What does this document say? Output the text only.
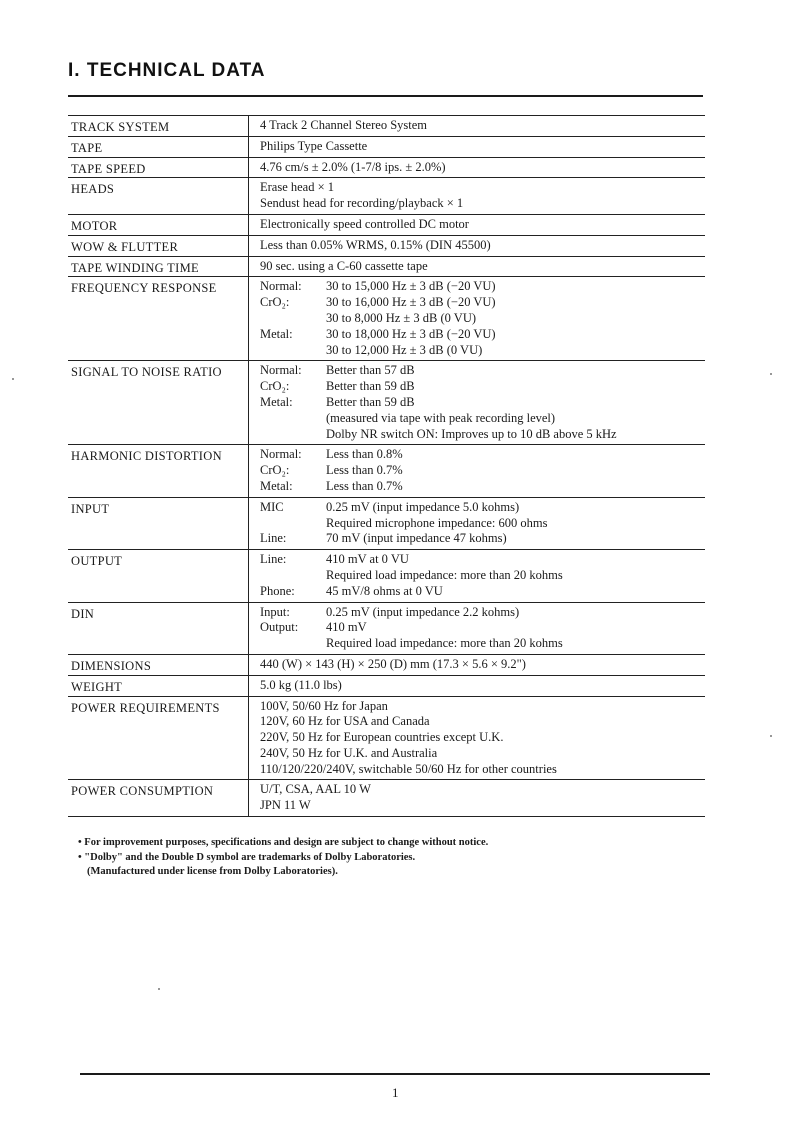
I. TECHNICAL DATA
TRACK SYSTEM	4 Track 2 Channel Stereo System
TAPE	Philips Type Cassette
TAPE SPEED	4.76 cm/s ± 2.0% (1-7/8 ips. ± 2.0%)
HEADS	Erase head × 1
Sendust head for recording/playback × 1
MOTOR	Electronically speed controlled DC motor
WOW & FLUTTER	Less than 0.05% WRMS, 0.15% (DIN 45500)
TAPE WINDING TIME	90 sec. using a C-60 cassette tape
FREQUENCY RESPONSE	Normal:	30 to 15,000 Hz ± 3 dB (−20 VU)
CrO₂:	30 to 16,000 Hz ± 3 dB (−20 VU)
30 to 8,000 Hz ± 3 dB (0 VU)
Metal:	30 to 18,000 Hz ± 3 dB (−20 VU)
30 to 12,000 Hz ± 3 dB (0 VU)
SIGNAL TO NOISE RATIO	Normal:	Better than 57 dB
CrO₂:	Better than 59 dB
Metal:	Better than 59 dB
(measured via tape with peak recording level)
Dolby NR switch ON: Improves up to 10 dB above 5 kHz
HARMONIC DISTORTION	Normal:	Less than 0.8%
CrO₂:	Less than 0.7%
Metal:	Less than 0.7%
INPUT	MIC	0.25 mV (input impedance 5.0 kohms)
Required microphone impedance: 600 ohms
Line:	70 mV (input impedance 47 kohms)
OUTPUT	Line:	410 mV at 0 VU
Required load impedance: more than 20 kohms
Phone:	45 mV/8 ohms at 0 VU
DIN	Input:	0.25 mV (input impedance 2.2 kohms)
Output:	410 mV
Required load impedance: more than 20 kohms
DIMENSIONS	440 (W) × 143 (H) × 250 (D) mm (17.3 × 5.6 × 9.2")
WEIGHT	5.0 kg (11.0 lbs)
POWER REQUIREMENTS	100V, 50/60 Hz for Japan
120V, 60 Hz for USA and Canada
220V, 50 Hz for European countries except U.K.
240V, 50 Hz for U.K. and Australia
110/120/220/240V, switchable 50/60 Hz for other countries
POWER CONSUMPTION	U/T, CSA, AAL 10 W
JPN 11 W
• For improvement purposes, specifications and design are subject to change without notice.
• "Dolby" and the Double D symbol are trademarks of Dolby Laboratories.
(Manufactured under license from Dolby Laboratories).
1
